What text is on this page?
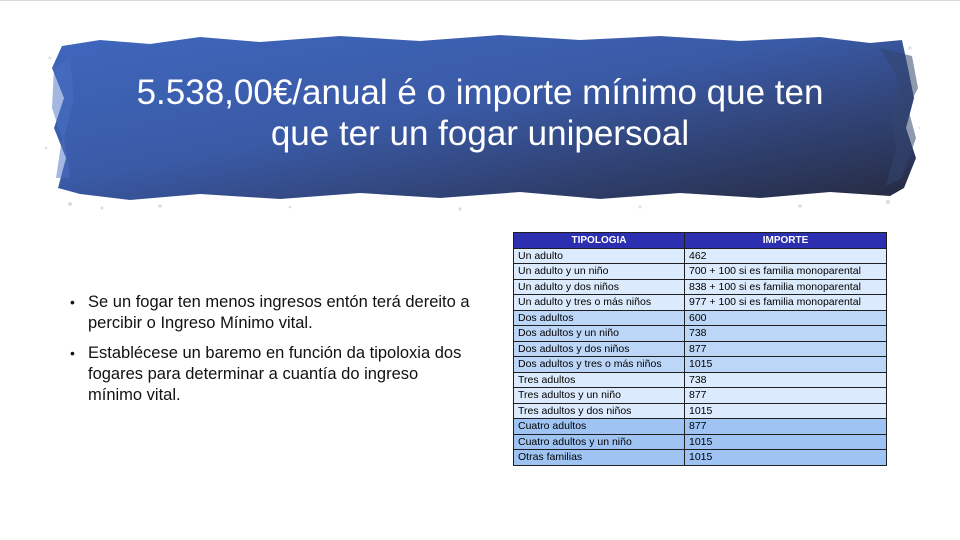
5.538,00€/anual é o importe mínimo que ten que ter un fogar unipersoal
• Se un fogar ten menos ingresos entón terá dereito a percibir o Ingreso Mínimo vital.
• Establécese un baremo en función da tipoloxia dos fogares para determinar a cuantía do ingreso mínimo vital.
TIPOLOGIA	IMPORTE
Un adulto	462
Un adulto y un niño	700 + 100 si es familia monoparental
Un adulto y dos niños	838 + 100 si es familia monoparental
Un adulto y tres o más niños	977 + 100 si es familia monoparental
Dos adultos	600
Dos adultos y un niño	738
Dos adultos y dos niños	877
Dos adultos y tres o más niños	1015
Tres adultos	738
Tres adultos y un niño	877
Tres adultos y dos niños	1015
Cuatro adultos	877
Cuatro adultos y un niño	1015
Otras familias	1015
